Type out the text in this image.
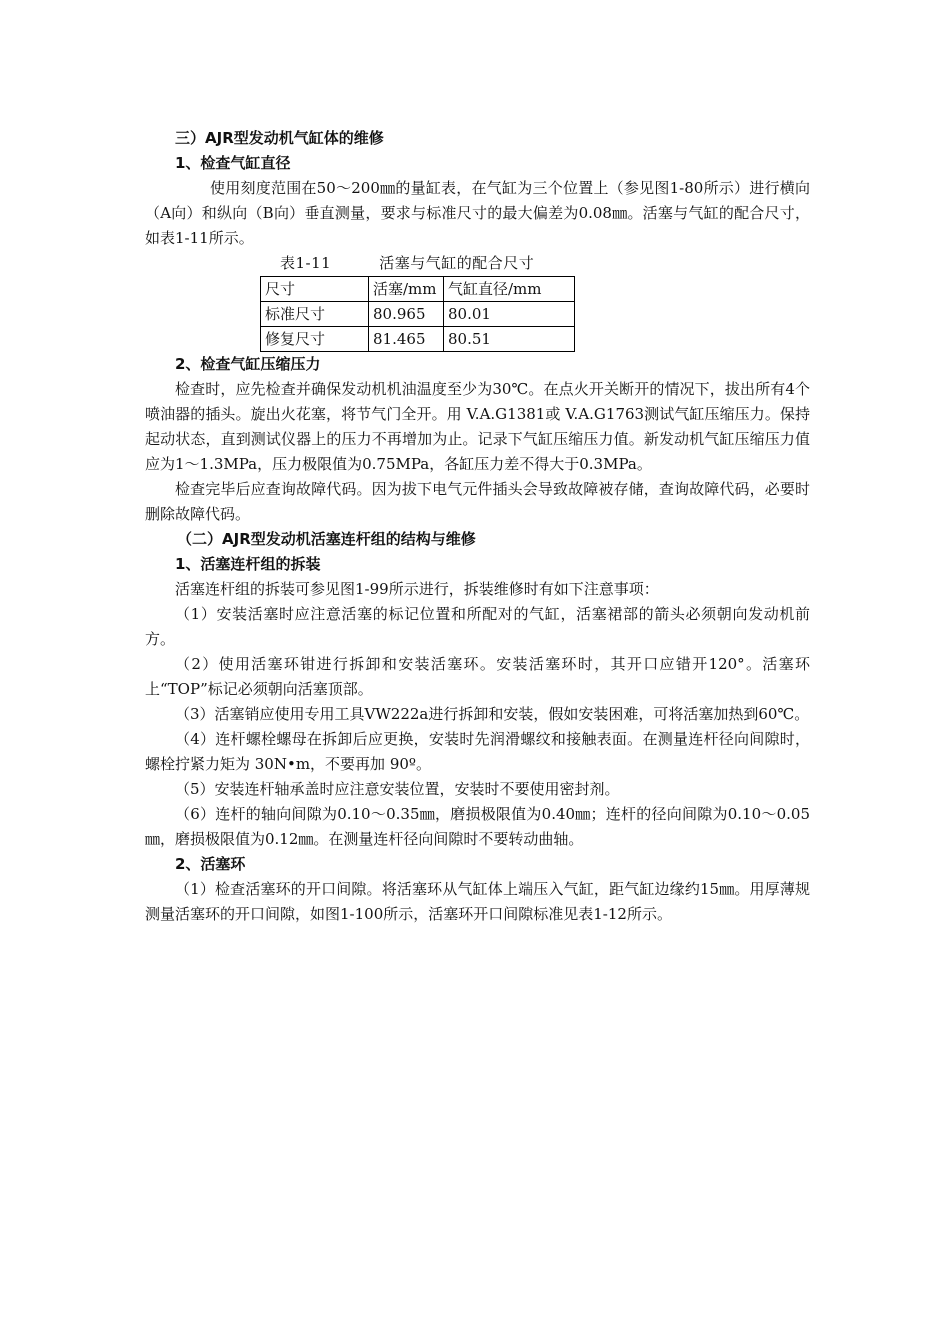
三）AJR型发动机气缸体的维修
1、检查气缸直径

使用刻度范围在50～200㎜的量缸表，在气缸为三个位置上（参见图1-80所示）进行横向（A向）和纵向（B向）垂直测量，要求与标准尺寸的最大偏差为0.08㎜。活塞与气缸的配合尺寸，如表1-11所示。

表1-11	活塞与气缸的配合尺寸
尺寸	活塞/mm	气缸直径/mm
标准尺寸	80.965	80.01
修复尺寸	81.465	80.51
2、检查气缸压缩压力

检查时，应先检查并确保发动机机油温度至少为30℃。在点火开关断开的情况下，拔出所有4个喷油器的插头。旋出火花塞，将节气门全开。用 V.A.G1381或 V.A.G1763测试气缸压缩压力。保持起动状态，直到测试仪器上的压力不再增加为止。记录下气缸压缩压力值。新发动机气缸压缩压力值应为1～1.3MPa，压力极限值为0.75MPa，各缸压力差不得大于0.3MPa。

检查完毕后应查询故障代码。因为拔下电气元件插头会导致故障被存储，查询故障代码，必要时删除故障代码。

（二）AJR型发动机活塞连杆组的结构与维修
1、活塞连杆组的拆装

活塞连杆组的拆装可参见图1-99所示进行，拆装维修时有如下注意事项：

（1）安装活塞时应注意活塞的标记位置和所配对的气缸，活塞裙部的箭头必须朝向发动机前方。

（2）使用活塞环钳进行拆卸和安装活塞环。安装活塞环时，其开口应错开120°。活塞环上“TOP”标记必须朝向活塞顶部。

（3）活塞销应使用专用工具VW222a进行拆卸和安装，假如安装困难，可将活塞加热到60℃。

（4）连杆螺栓螺母在拆卸后应更换，安装时先润滑螺纹和接触表面。在测量连杆径向间隙时，螺栓拧紧力矩为 30N•m，不要再加 90º。

（5）安装连杆轴承盖时应注意安装位置，安装时不要使用密封剂。

（6）连杆的轴向间隙为0.10～0.35㎜，磨损极限值为0.40㎜；连杆的径向间隙为0.10～0.05㎜，磨损极限值为0.12㎜。在测量连杆径向间隙时不要转动曲轴。

2、活塞环

（1）检查活塞环的开口间隙。将活塞环从气缸体上端压入气缸，距气缸边缘约15㎜。用厚薄规测量活塞环的开口间隙，如图1-100所示，活塞环开口间隙标准见表1-12所示。
